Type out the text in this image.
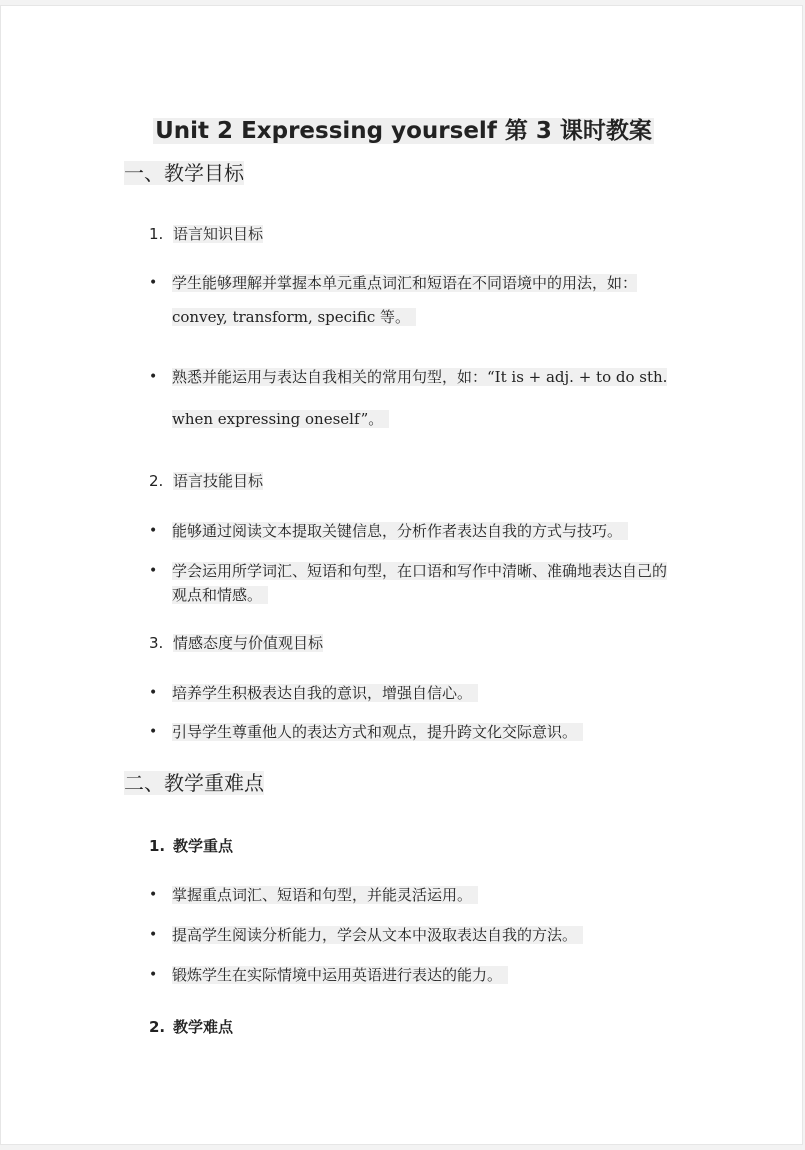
Unit 2 Expressing yourself 第 3 课时教案
一、教学目标
1. 语言知识目标
• 学生能够理解并掌握本单元重点词汇和短语在不同语境中的用法，如：convey, transform, specific 等。
• 熟悉并能运用与表达自我相关的常用句型，如：“It is + adj. + to do sth. when expressing oneself”。
2. 语言技能目标
• 能够通过阅读文本提取关键信息，分析作者表达自我的方式与技巧。
• 学会运用所学词汇、短语和句型，在口语和写作中清晰、准确地表达自己的观点和情感。
3. 情感态度与价值观目标
• 培养学生积极表达自我的意识，增强自信心。
• 引导学生尊重他人的表达方式和观点，提升跨文化交际意识。
二、教学重难点
1. 教学重点
• 掌握重点词汇、短语和句型，并能灵活运用。
• 提高学生阅读分析能力，学会从文本中汲取表达自我的方法。
• 锻炼学生在实际情境中运用英语进行表达的能力。
2. 教学难点
